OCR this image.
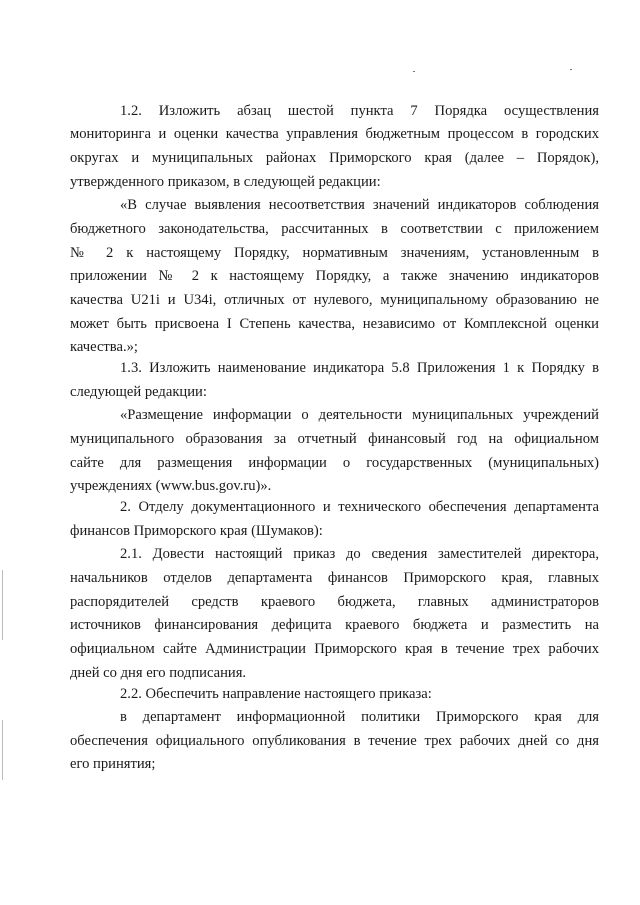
1.2. Изложить абзац шестой пункта 7 Порядка осуществления
мониторинга и оценки качества управления бюджетным процессом в городских
округах и муниципальных районах Приморского края (далее – Порядок),
утвержденного приказом, в следующей редакции:
«В случае выявления несоответствия значений индикаторов соблюдения
бюджетного законодательства, рассчитанных в соответствии с приложением
№ 2 к настоящему Порядку, нормативным значениям, установленным в
приложении № 2 к настоящему Порядку, а также значению индикаторов
качества U21i и U34i, отличных от нулевого, муниципальному образованию не
может быть присвоена I Степень качества, независимо от Комплексной оценки
качества.»;
1.3. Изложить наименование индикатора 5.8 Приложения 1 к Порядку в
следующей редакции:
«Размещение информации о деятельности муниципальных учреждений
муниципального образования за отчетный финансовый год на официальном
сайте для размещения информации о государственных (муниципальных)
учреждениях (www.bus.gov.ru)».
2. Отделу документационного и технического обеспечения департамента
финансов Приморского края (Шумаков):
2.1. Довести настоящий приказ до сведения заместителей директора,
начальников отделов департамента финансов Приморского края, главных
распорядителей средств краевого бюджета, главных администраторов
источников финансирования дефицита краевого бюджета и разместить на
официальном сайте Администрации Приморского края в течение трех рабочих
дней со дня его подписания.
2.2. Обеспечить направление настоящего приказа:
в департамент информационной политики Приморского края для
обеспечения официального опубликования в течение трех рабочих дней со дня
его принятия;
